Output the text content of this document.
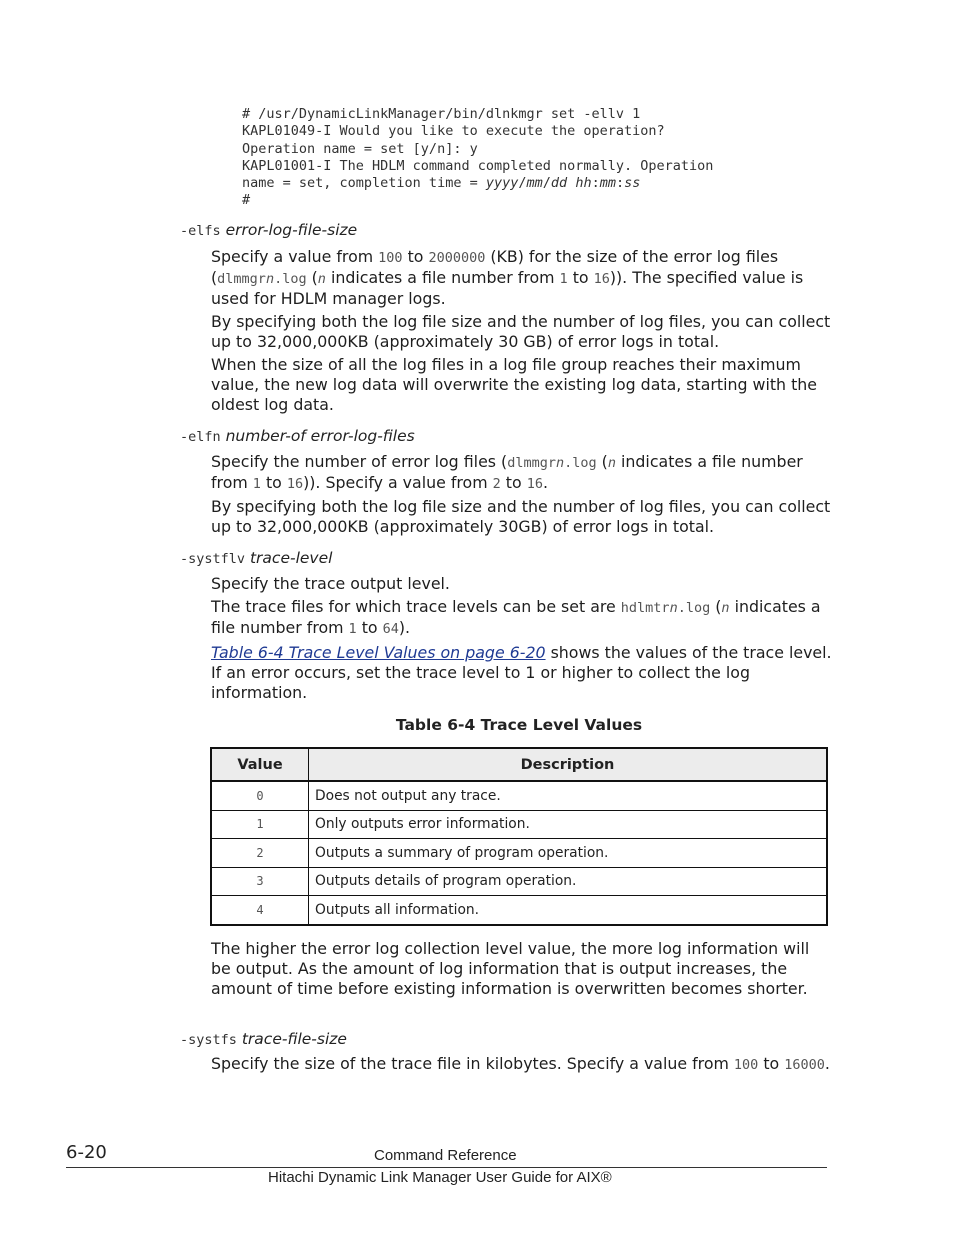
# /usr/DynamicLinkManager/bin/dlnkmgr set -ellv 1
KAPL01049-I Would you like to execute the operation?
Operation name = set [y/n]: y
KAPL01001-I The HDLM command completed normally. Operation
name = set, completion time = yyyy/mm/dd hh:mm:ss
#
-elfs error-log-file-size
Specify a value from 100 to 2000000 (KB) for the size of the error log files (dlmmgrn.log (n indicates a file number from 1 to 16)). The specified value is used for HDLM manager logs.
By specifying both the log file size and the number of log files, you can collect up to 32,000,000KB (approximately 30 GB) of error logs in total.
When the size of all the log files in a log file group reaches their maximum value, the new log data will overwrite the existing log data, starting with the oldest log data.
-elfn number-of error-log-files
Specify the number of error log files (dlmmgrn.log (n indicates a file number from 1 to 16)). Specify a value from 2 to 16.
By specifying both the log file size and the number of log files, you can collect up to 32,000,000KB (approximately 30GB) of error logs in total.
-systflv trace-level
Specify the trace output level.
The trace files for which trace levels can be set are hdlmtrn.log (n indicates a file number from 1 to 64).
Table 6-4 Trace Level Values on page 6-20 shows the values of the trace level. If an error occurs, set the trace level to 1 or higher to collect the log information.
Table 6-4 Trace Level Values
Value	Description
0	Does not output any trace.
1	Only outputs error information.
2	Outputs a summary of program operation.
3	Outputs details of program operation.
4	Outputs all information.
The higher the error log collection level value, the more log information will be output. As the amount of log information that is output increases, the amount of time before existing information is overwritten becomes shorter.
-systfs trace-file-size
Specify the size of the trace file in kilobytes. Specify a value from 100 to 16000.
6-20	Command Reference
Hitachi Dynamic Link Manager User Guide for AIX®
